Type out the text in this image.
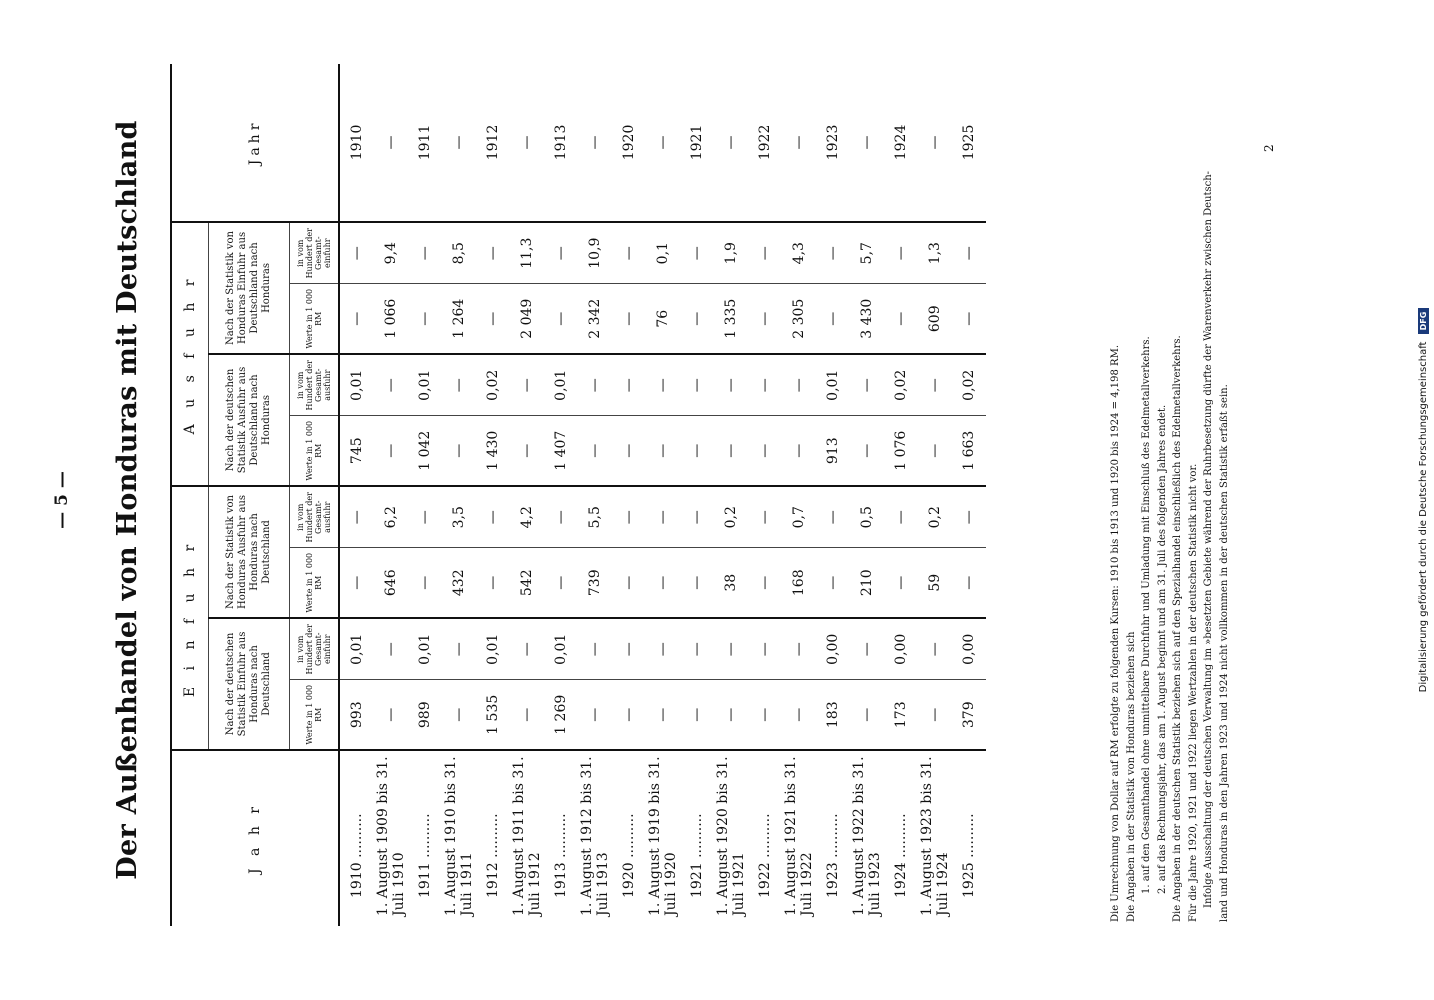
— 5 — Der Außenhandel von Honduras mit Deutschland	J a h r	E i n f u h r				A u s f u h r				Jahr
	Nach der deutschen Statistik Einfuhr aus Honduras nach Deutschland		Nach der Statistik von Honduras Ausfuhr aus Honduras nach Deutschland		Nach der deutschen Statistik Ausfuhr aus Deutschland nach Honduras		Nach der Statistik von Honduras Einfuhr aus Deutschland nach Honduras		
	Werte in 1 000 RM	in vom Hundert der Gesamt-einfuhr	Werte in 1 000 RM	in vom Hundert der Gesamt-ausfuhr	Werte in 1 000 RM	in vom Hundert der Gesamt-ausfuhr	Werte in 1 000 RM	in vom Hundert der Gesamt-einfuhr	
1910 ..........	993	0,01	—	—	745	0,01	—	—	1910
1. August 1909 bis 31. Juli 1910	—	—	646	6,2	—	—	1 066	9,4	—
1911 ..........	989	0,01	—	—	1 042	0,01	—	—	1911
1. August 1910 bis 31. Juli 1911	—	—	432	3,5	—	—	1 264	8,5	—
1912 ..........	1 535	0,01	—	—	1 430	0,02	—	—	1912
1. August 1911 bis 31. Juli 1912	—	—	542	4,2	—	—	2 049	11,3	—
1913 ..........	1 269	0,01	—	—	1 407	0,01	—	—	1913
1. August 1912 bis 31. Juli 1913	—	—	739	5,5	—	—	2 342	10,9	—
1920 ..........	—	—	—	—	—	—	—	—	1920
1. August 1919 bis 31. Juli 1920	—	—	—	—	—	—	76	0,1	—
1921 ..........	—	—	—	—	—	—	—	—	1921
1. August 1920 bis 31. Juli 1921	—	—	38	0,2	—	—	1 335	1,9	—
1922 ..........	—	—	—	—	—	—	—	—	1922
1. August 1921 bis 31. Juli 1922	—	—	168	0,7	—	—	2 305	4,3	—
1923 ..........	183	0,00	—	—	913	0,01	—	—	1923
1. August 1922 bis 31. Juli 1923	—	—	210	0,5	—	—	3 430	5,7	—
1924 ..........	173	0,00	—	—	1 076	0,02	—	—	1924
1. August 1923 bis 31. Juli 1924	—	—	59	0,2	—	—	609	1,3	—
1925 ..........	379	0,00	—	—	1 663	0,02	—	—	1925

Die Umrechnung von Dollar auf RM erfolgte zu folgenden Kursen: 1910 bis 1913 und 1920 bis 1924 = 4,198 RM. Die Angaben in der Statistik von Honduras beziehen sich 1. auf den Gesamthandel ohne unmittelbare Durchfuhr und Umladung mit Einschluß des Edelmetallverkehrs. 2. auf das Rechnungsjahr, das am 1. August beginnt und am 31. Juli des folgenden Jahres endet. Die Angaben in der deutschen Statistik beziehen sich auf den Spezialhandel einschließlich des Edelmetallverkehrs. Für die Jahre 1920, 1921 und 1922 liegen Wertzahlen in der deutschen Statistik nicht vor. Infolge Ausschaltung der deutschen Verwaltung im »besetzten Gebiete während der Ruhrbesetzung dürfte der Warenverkehr zwischen Deutsch- land und Honduras in den Jahren 1923 und 1924 nicht vollkommen in der deutschen Statistik erfaßt sein.

2
Digitalisierung gefördert durch die Deutsche Forschungsgemeinschaft DFG
